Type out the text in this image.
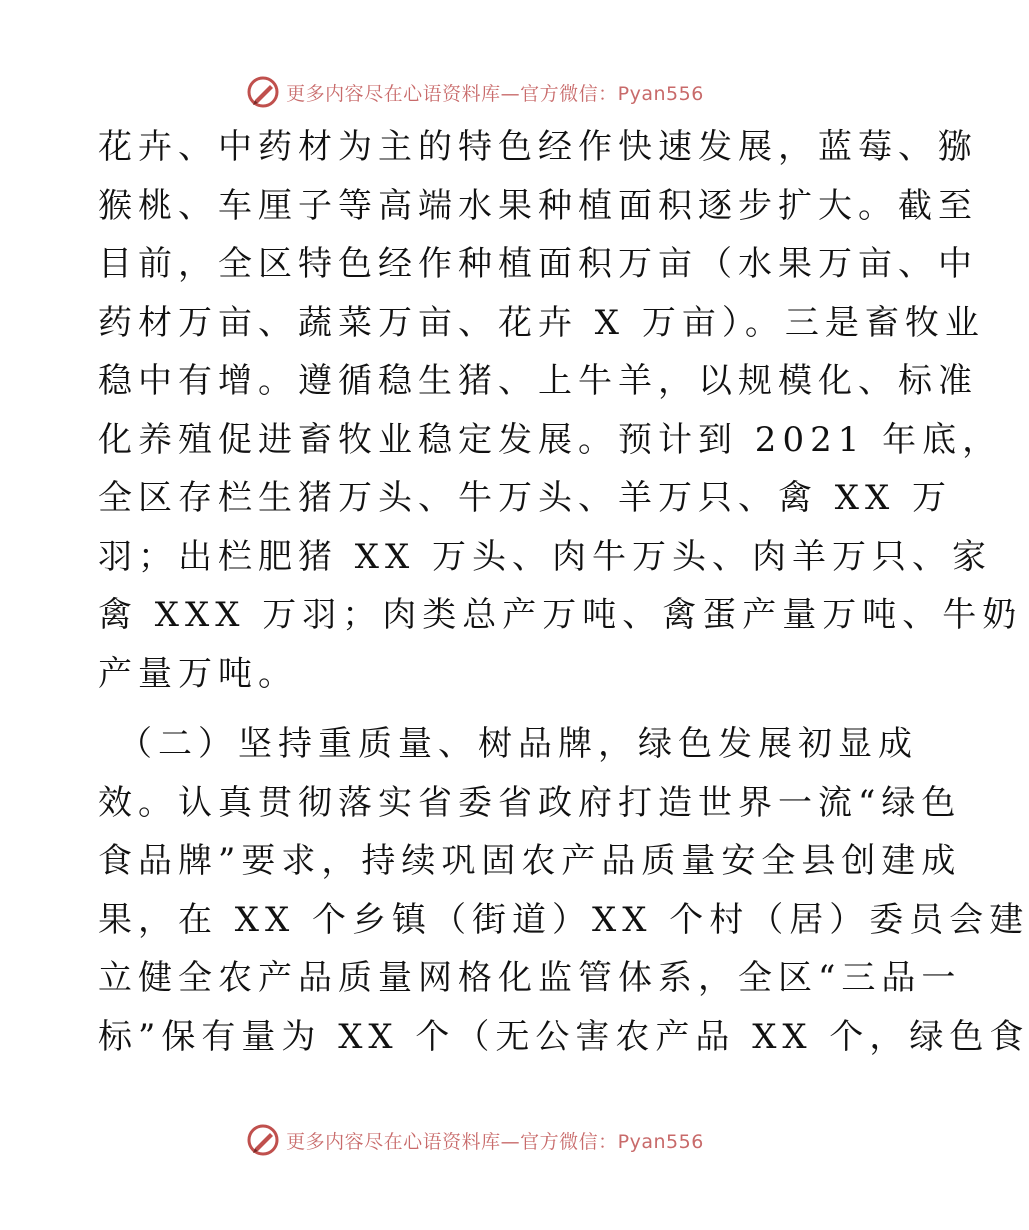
更多内容尽在心语资料库—官方微信：Pyan556
花卉、中药材为主的特色经作快速发展，蓝莓、猕
猴桃、车厘子等高端水果种植面积逐步扩大。截至
目前，全区特色经作种植面积万亩（水果万亩、中
药材万亩、蔬菜万亩、花卉 X 万亩）。三是畜牧业
稳中有增。遵循稳生猪、上牛羊，以规模化、标准
化养殖促进畜牧业稳定发展。预计到 2021 年底，
全区存栏生猪万头、牛万头、羊万只、禽 XX 万
羽；出栏肥猪 XX 万头、肉牛万头、肉羊万只、家
禽 XXX 万羽；肉类总产万吨、禽蛋产量万吨、牛奶
产量万吨。
（二）坚持重质量、树品牌，绿色发展初显成
效。认真贯彻落实省委省政府打造世界一流“绿色
食品牌”要求，持续巩固农产品质量安全县创建成
果，在 XX 个乡镇（街道）XX 个村（居）委员会建
立健全农产品质量网格化监管体系，全区“三品一
标”保有量为 XX 个（无公害农产品 XX 个，绿色食
更多内容尽在心语资料库—官方微信：Pyan556
